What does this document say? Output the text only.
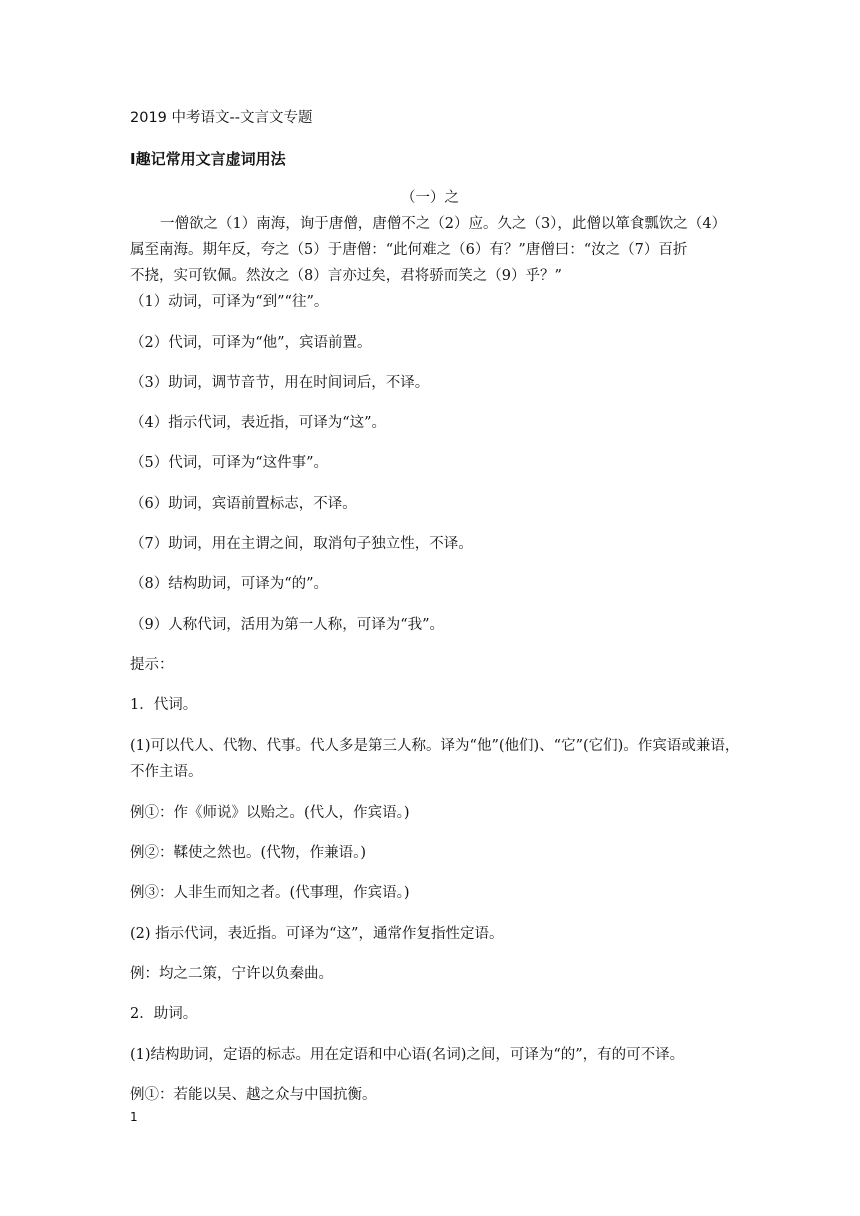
2019 中考语文--文言文专题
Ⅰ趣记常用文言虚词用法
（一）之
一僧欲之（1）南海，询于唐僧，唐僧不之（2）应。久之（3），此僧以箪食瓢饮之（4）
属至南海。期年反，夸之（5）于唐僧：“此何难之（6）有？”唐僧曰：“汝之（7）百折
不挠，实可钦佩。然汝之（8）言亦过矣，君将骄而笑之（9）乎？”
（1）动词，可译为“到”“往”。
（2）代词，可译为“他”，宾语前置。
（3）助词，调节音节，用在时间词后，不译。
（4）指示代词，表近指，可译为“这”。
（5）代词，可译为“这件事”。
（6）助词，宾语前置标志，不译。
（7）助词，用在主谓之间，取消句子独立性，不译。
（8）结构助词，可译为“的”。
（9）人称代词，活用为第一人称，可译为“我”。
提示：
1．代词。
(1)可以代人、代物、代事。代人多是第三人称。译为“他”(他们)、“它”(它们)。作宾语或兼语，
不作主语。
例①：作《师说》以贻之。(代人，作宾语。)
例②：鞣使之然也。(代物，作兼语。)
例③：人非生而知之者。(代事理，作宾语。)
(2) 指示代词，表近指。可译为“这”，通常作复指性定语。
例：均之二策，宁许以负秦曲。
2．助词。
(1)结构助词，定语的标志。用在定语和中心语(名词)之间，可译为“的”，有的可不译。
例①：若能以吴、越之众与中国抗衡。
1
